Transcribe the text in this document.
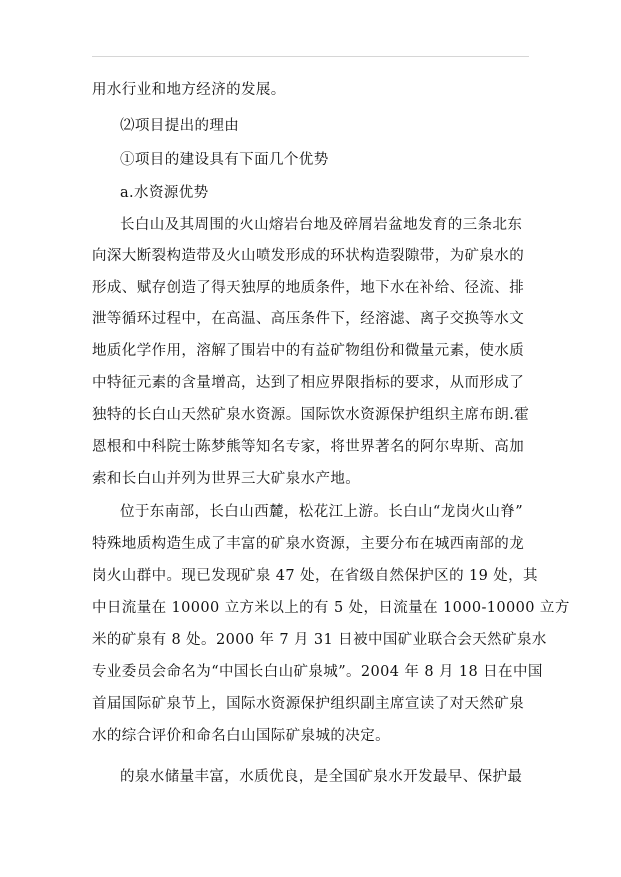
用水行业和地方经济的发展。
⑵项目提出的理由
①项目的建设具有下面几个优势
a.水资源优势
长白山及其周围的火山熔岩台地及碎屑岩盆地发育的三条北东
向深大断裂构造带及火山喷发形成的环状构造裂隙带，为矿泉水的
形成、赋存创造了得天独厚的地质条件，地下水在补给、径流、排
泄等循环过程中，在高温、高压条件下，经溶滤、离子交换等水文
地质化学作用，溶解了围岩中的有益矿物组份和微量元素，使水质
中特征元素的含量增高，达到了相应界限指标的要求，从而形成了
独特的长白山天然矿泉水资源。国际饮水资源保护组织主席布朗.霍
恩根和中科院士陈梦熊等知名专家，将世界著名的阿尔卑斯、高加
索和长白山并列为世界三大矿泉水产地。
位于东南部，长白山西麓，松花江上游。长白山“龙岗火山脊”
特殊地质构造生成了丰富的矿泉水资源，主要分布在城西南部的龙
岗火山群中。现已发现矿泉 47 处，在省级自然保护区的 19 处，其
中日流量在 10000 立方米以上的有 5 处，日流量在 1000-10000 立方
米的矿泉有 8 处。2000 年 7 月 31 日被中国矿业联合会天然矿泉水
专业委员会命名为“中国长白山矿泉城”。2004 年 8 月 18 日在中国
首届国际矿泉节上，国际水资源保护组织副主席宣读了对天然矿泉
水的综合评价和命名白山国际矿泉城的决定。
的泉水储量丰富，水质优良，是全国矿泉水开发最早、保护最
